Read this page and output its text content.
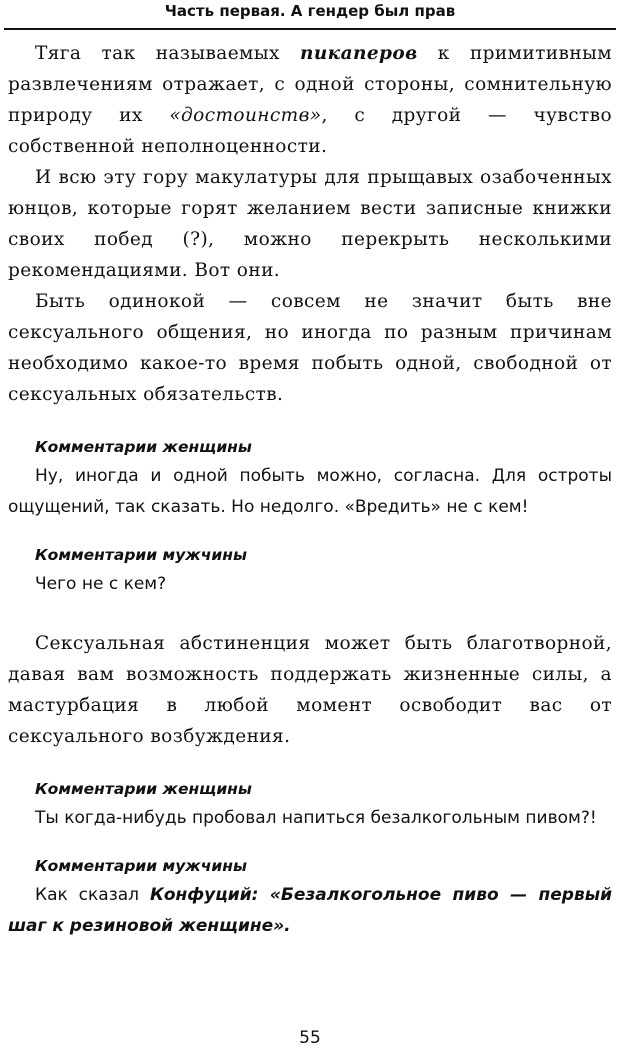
Часть первая. А гендер был прав

Тяга так называемых пикаперов к примитивным развлечениям отражает, с одной стороны, сомнительную природу их «достоинств», с другой — чувство собственной неполноценности.

И всю эту гору макулатуры для прыщавых озабоченных юнцов, которые горят желанием вести записные книжки своих побед (?), можно перекрыть несколькими рекомендациями. Вот они.

Быть одинокой — совсем не значит быть вне сексуального общения, но иногда по разным причинам необходимо какое-то время побыть одной, свободной от сексуальных обязательств.

Комментарии женщины

Ну, иногда и одной побыть можно, согласна. Для остроты ощущений, так сказать. Но недолго. «Вредить» не с кем!

Комментарии мужчины

Чего не с кем?

Сексуальная абстиненция может быть благотворной, давая вам возможность поддержать жизненные силы, а мастурбация в любой момент освободит вас от сексуального возбуждения.

Комментарии женщины

Ты когда-нибудь пробовал напиться безалкогольным пивом?!

Комментарии мужчины

Как сказал Конфуций: «Безалкогольное пиво — первый шаг к резиновой женщине».

55
